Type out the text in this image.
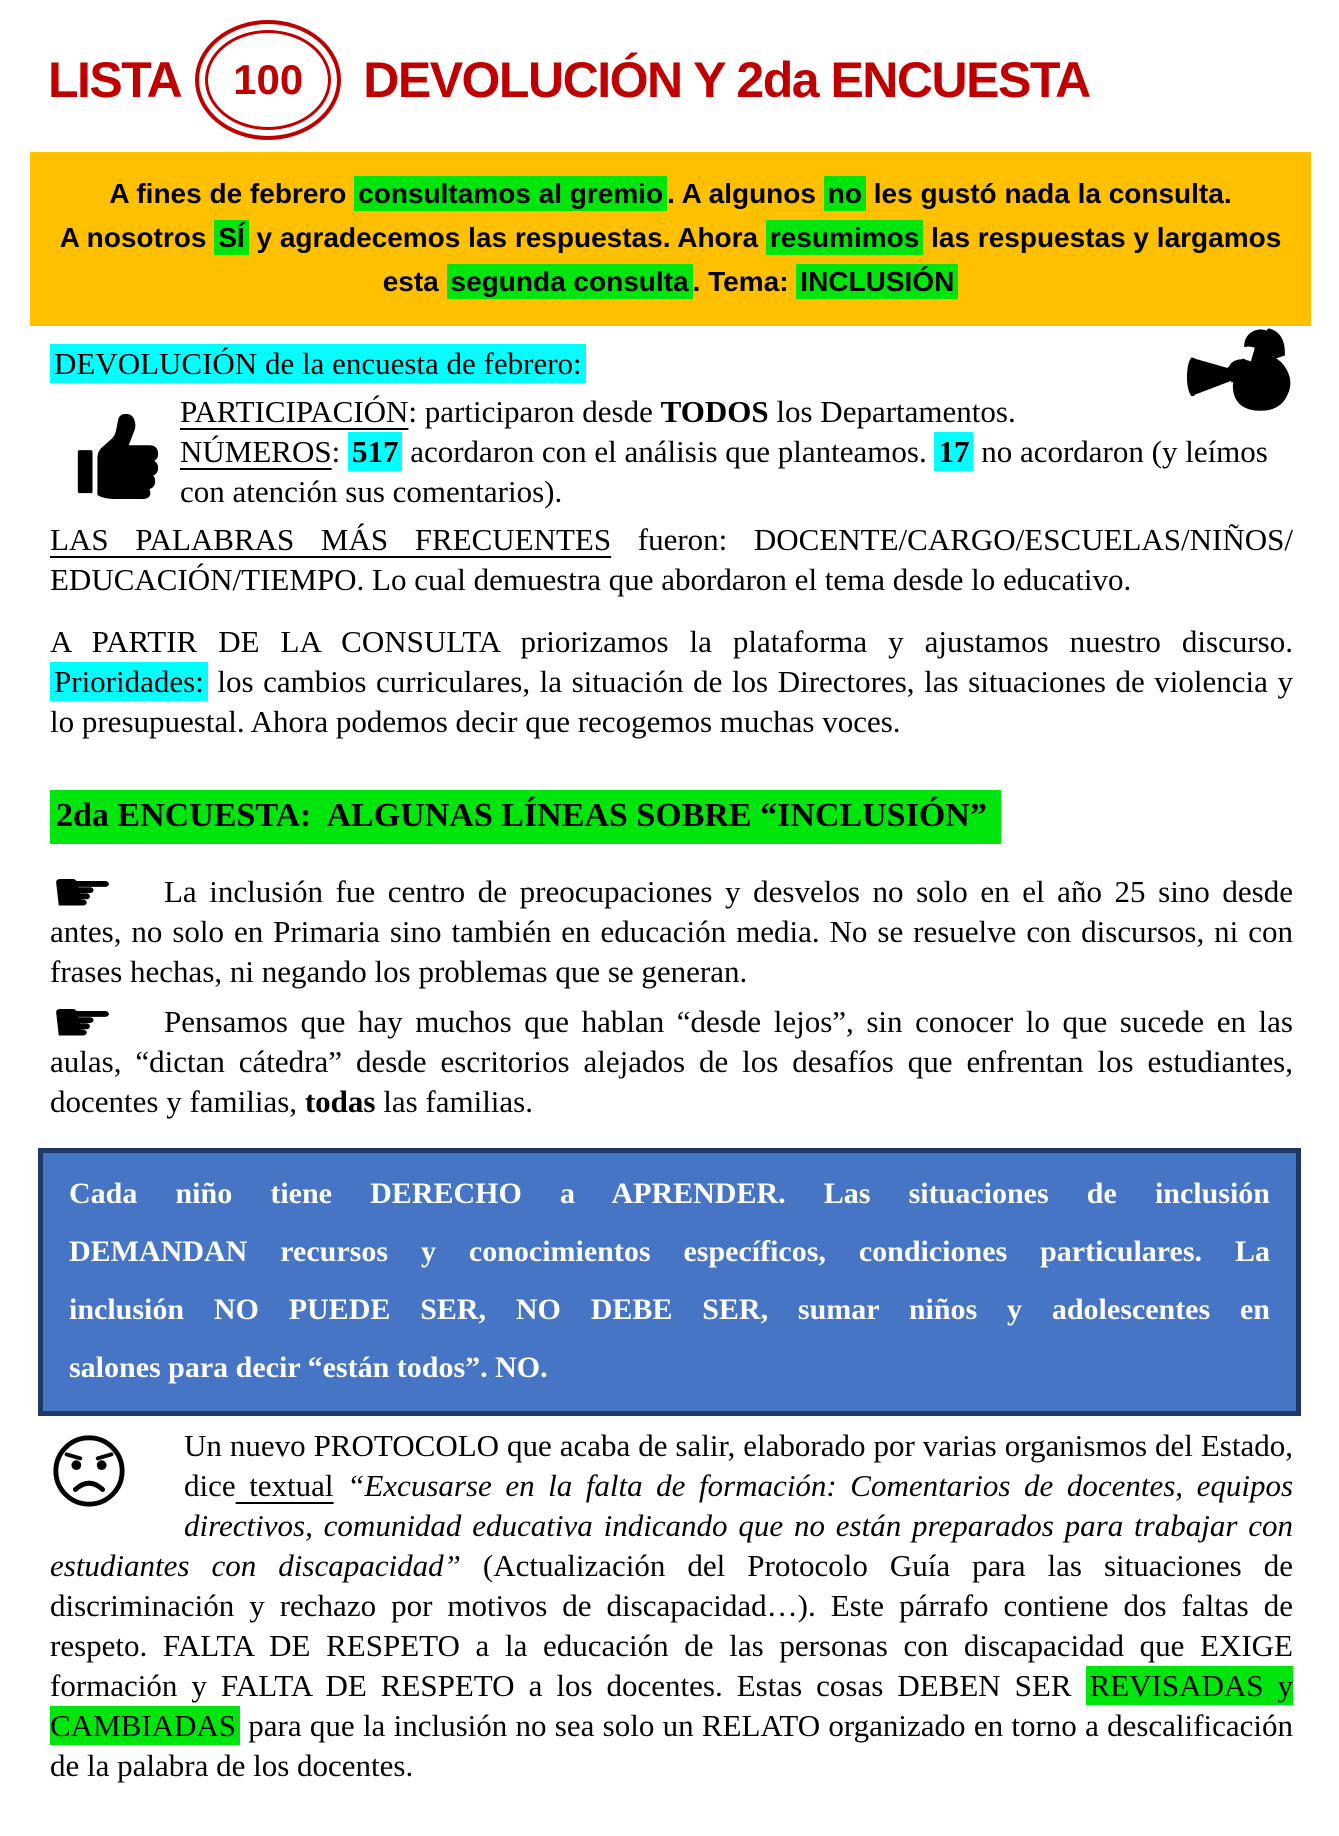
LISTA 100 DEVOLUCIÓN Y 2da ENCUESTA
A fines de febrero consultamos al gremio . A algunos no les gustó nada la consulta.
A nosotros SÍ y agradecemos las respuestas. Ahora resumimos las respuestas y largamos
esta segunda consulta . Tema: INCLUSIÓN
DEVOLUCIÓN de la encuesta de febrero:

PARTICIPACIÓN: participaron desde TODOS los Departamentos.

NÚMEROS: 517 acordaron con el análisis que planteamos. 17 no acordaron (y leímos con atención sus comentarios).

LAS PALABRAS MÁS FRECUENTES fueron: DOCENTE/​CARGO/​ESCUELAS/​NIÑOS/​EDUCACIÓN/​TIEMPO. Lo cual demuestra que abordaron el tema desde lo educativo.

A PARTIR DE LA CONSULTA priorizamos la plataforma y ajustamos nuestro discurso. Prioridades: los cambios curriculares, la situación de los Directores, las situaciones de violencia y lo presupuestal. Ahora podemos decir que recogemos muchas voces.

2da ENCUESTA:  ALGUNAS LÍNEAS SOBRE “INCLUSIÓN”

☛	La inclusión fue centro de preocupaciones y desvelos no solo en el año 25 sino desde antes, no solo en Primaria sino también en educación media. No se resuelve con discursos, ni con frases hechas, ni negando los problemas que se generan.

☛	Pensamos que hay muchos que hablan “desde lejos”, sin conocer lo que sucede en las aulas, “dictan cátedra” desde escritorios alejados de los desafíos que enfrentan los estudiantes, docentes y familias, todas las familias.

Cada niño tiene DERECHO a APRENDER. Las situaciones de inclusión
DEMANDAN recursos y conocimientos específicos, condiciones particulares. La
inclusión NO PUEDE SER, NO DEBE SER, sumar niños y adolescentes en
salones para decir “están todos”. NO.

Un nuevo PROTOCOLO que acaba de salir, elaborado por varias organismos del Estado, dice textual “Excusarse en la falta de formación: Comentarios de docentes, equipos directivos, comunidad educativa indicando que no están preparados para trabajar con estudiantes con discapacidad” (Actualización del Protocolo Guía para las situaciones de discriminación y rechazo por motivos de discapacidad…). Este párrafo contiene dos faltas de respeto. FALTA DE RESPETO a la educación de las personas con discapacidad que EXIGE formación y FALTA DE RESPETO a los docentes. Estas cosas DEBEN SER REVISADAS y CAMBIADAS para que la inclusión no sea solo un RELATO organizado en torno a descalificación de la palabra de los docentes.
